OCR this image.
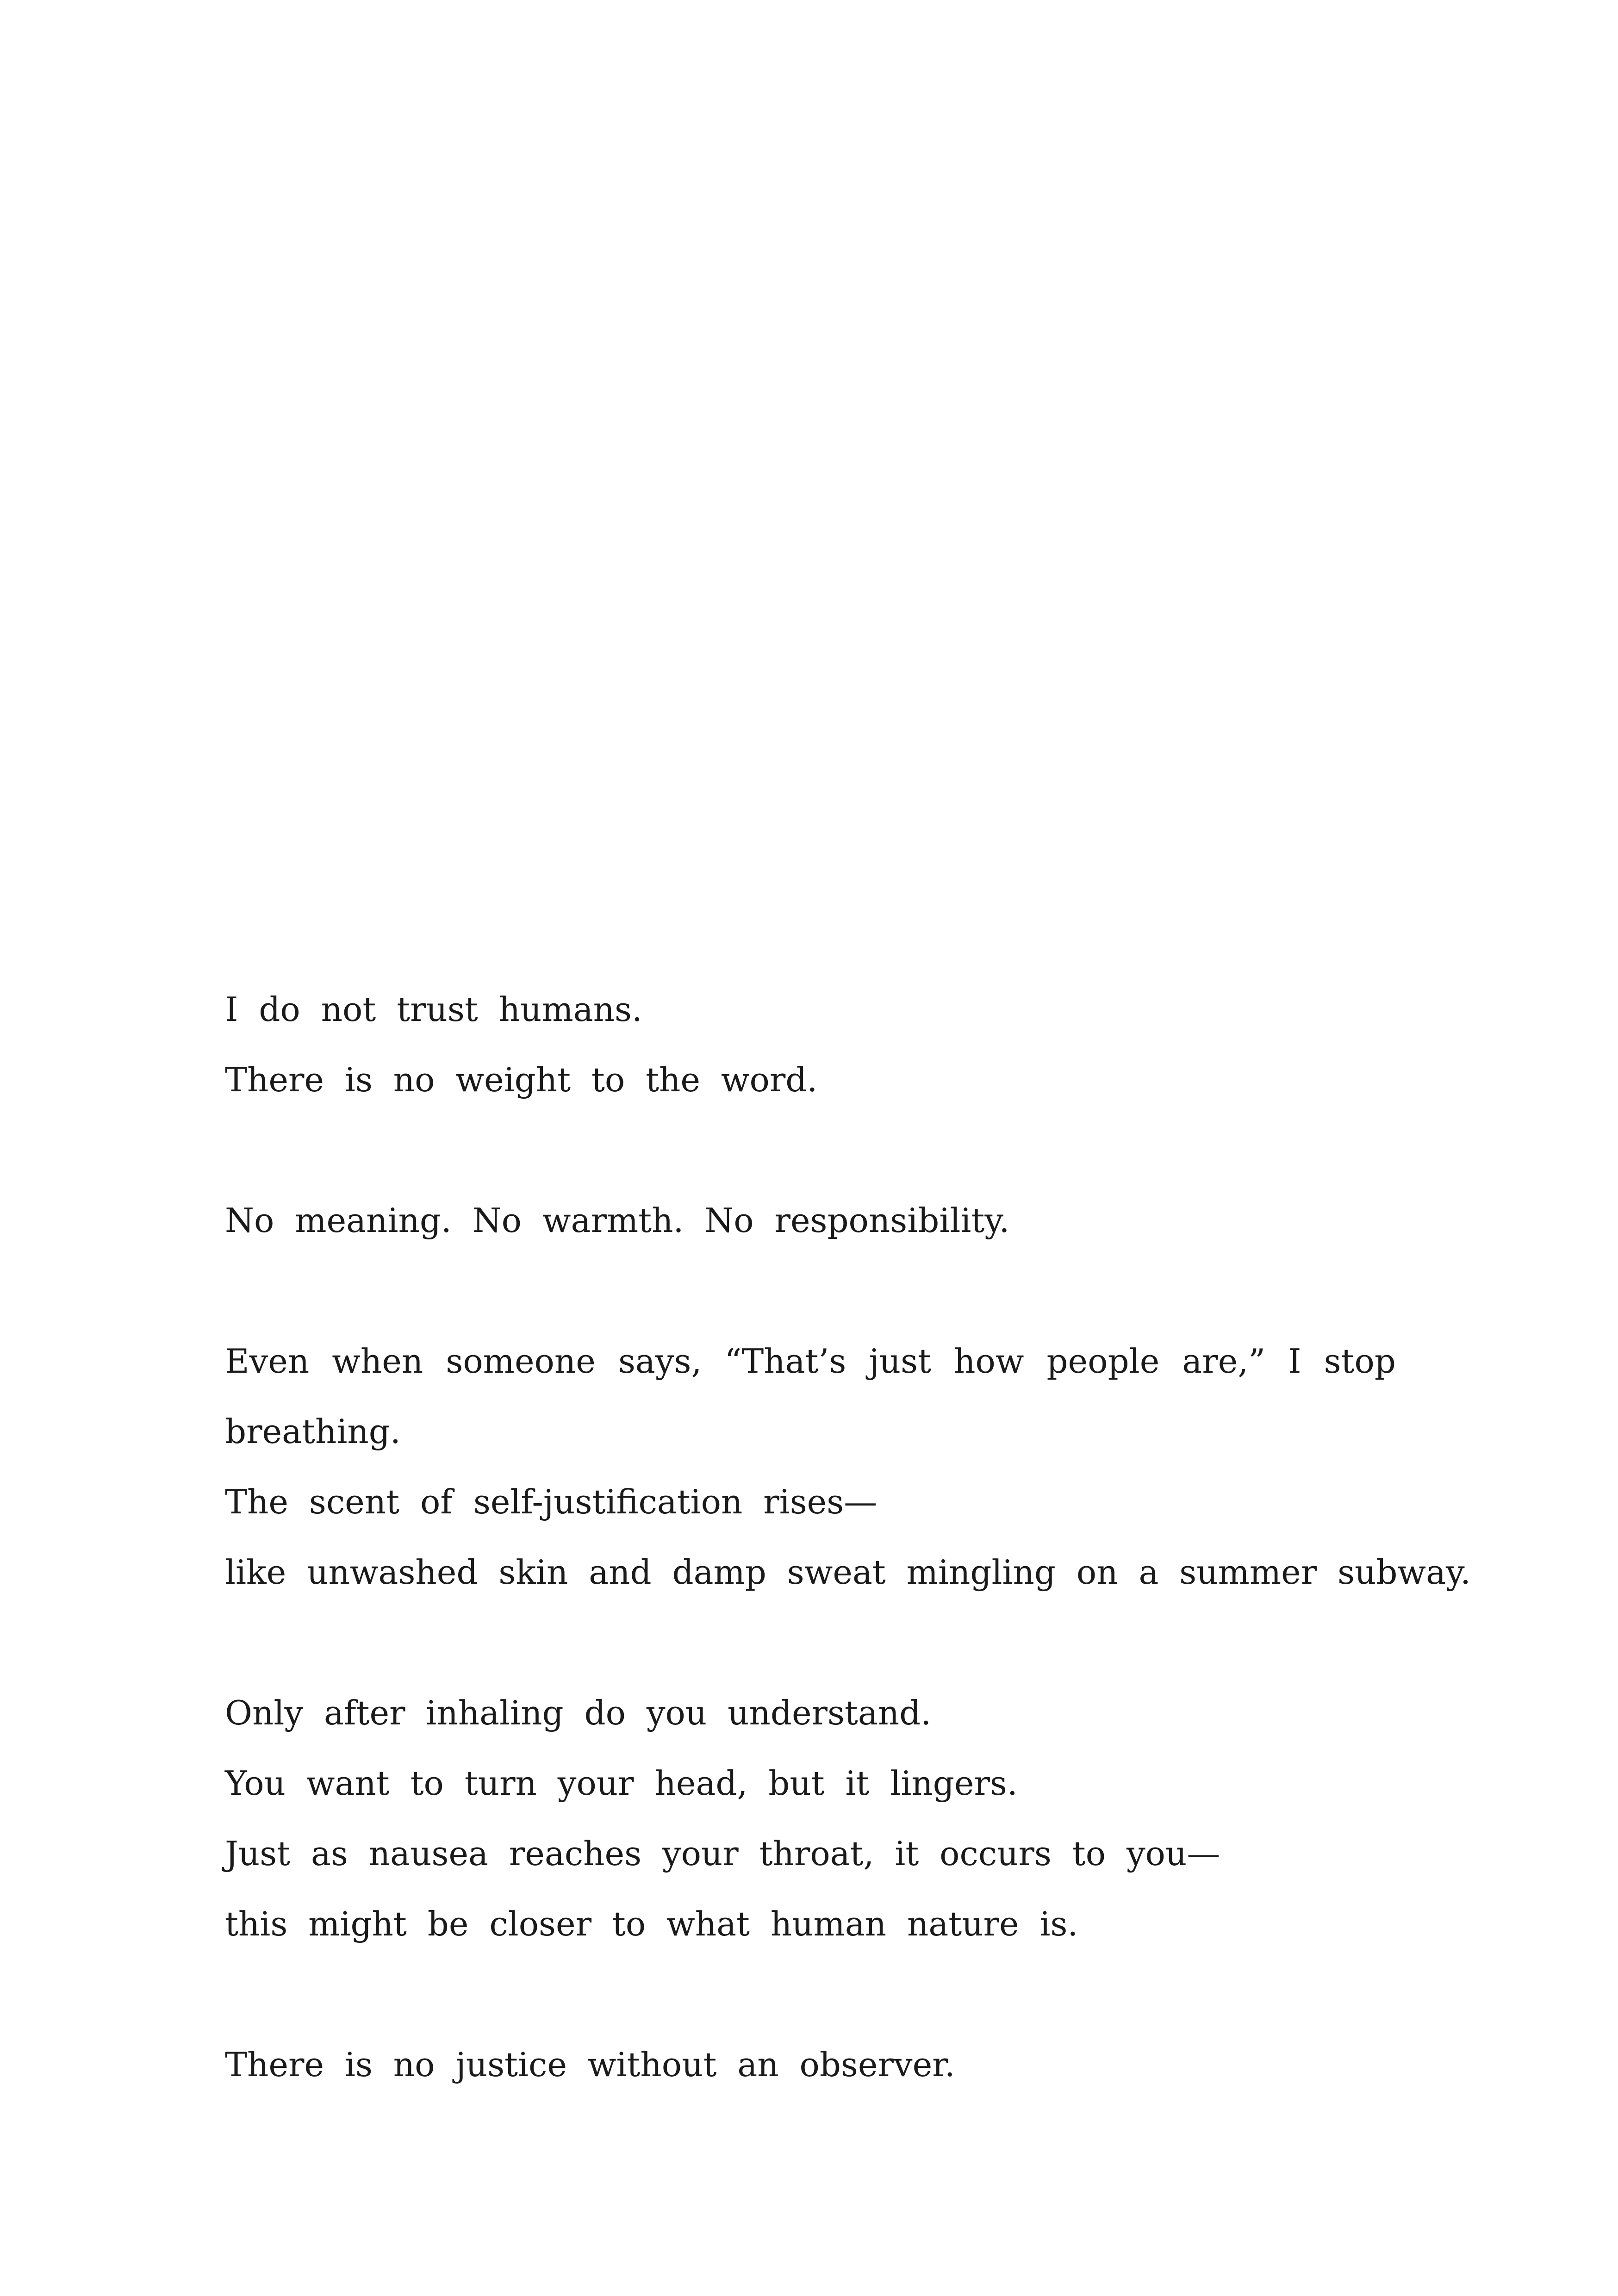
I do not trust humans.
There is no weight to the word.
No meaning. No warmth. No responsibility.
Even when someone says, “That’s just how people are,” I stop
breathing.
The scent of self-justification rises—
like unwashed skin and damp sweat mingling on a summer subway.
Only after inhaling do you understand.
You want to turn your head, but it lingers.
Just as nausea reaches your throat, it occurs to you—
this might be closer to what human nature is.
There is no justice without an observer.
